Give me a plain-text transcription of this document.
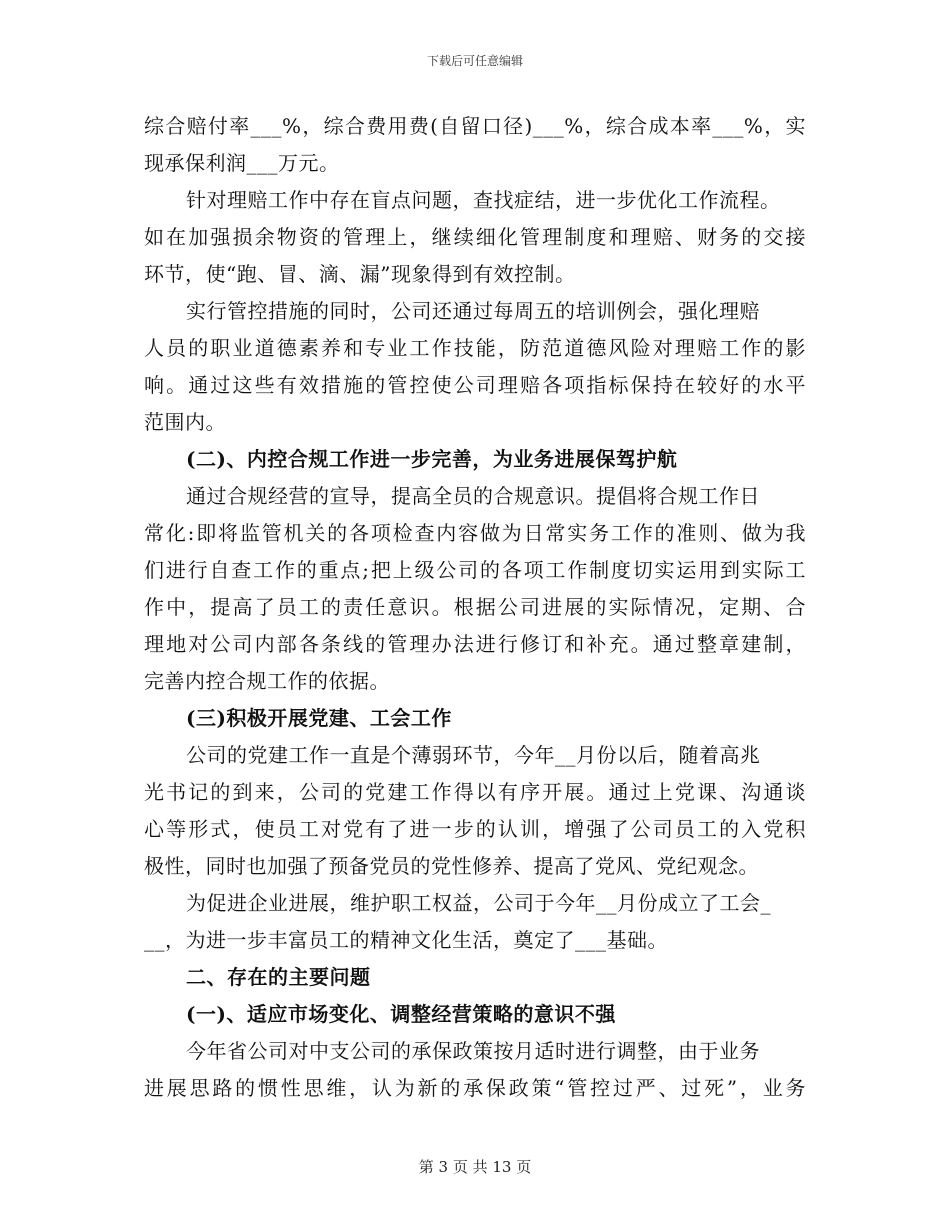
下载后可任意编辑
综合赔付率___%，综合费用费(自留口径)___%，综合成本率___%，实
现承保利润___万元。
针对理赔工作中存在盲点问题，查找症结，进一步优化工作流程。
如在加强损余物资的管理上，继续细化管理制度和理赔、财务的交接
环节，使“跑、冒、滴、漏”现象得到有效控制。
实行管控措施的同时，公司还通过每周五的培训例会，强化理赔
人员的职业道德素养和专业工作技能，防范道德风险对理赔工作的影
响。通过这些有效措施的管控使公司理赔各项指标保持在较好的水平
范围内。
(二)、内控合规工作进一步完善，为业务进展保驾护航
通过合规经营的宣导，提高全员的合规意识。提倡将合规工作日
常化:即将监管机关的各项检查内容做为日常实务工作的准则、做为我
们进行自查工作的重点;把上级公司的各项工作制度切实运用到实际工
作中，提高了员工的责任意识。根据公司进展的实际情况，定期、合
理地对公司内部各条线的管理办法进行修订和补充。通过整章建制，
完善内控合规工作的依据。
(三)积极开展党建、工会工作
公司的党建工作一直是个薄弱环节，今年__月份以后，随着高兆
光书记的到来，公司的党建工作得以有序开展。通过上党课、沟通谈
心等形式，使员工对党有了进一步的认训，增强了公司员工的入党积
极性，同时也加强了预备党员的党性修养、提高了党风、党纪观念。
为促进企业进展，维护职工权益，公司于今年__月份成立了工会_
__，为进一步丰富员工的精神文化生活，奠定了___基础。
二、存在的主要问题
(一)、适应市场变化、调整经营策略的意识不强
今年省公司对中支公司的承保政策按月适时进行调整，由于业务
进展思路的惯性思维，认为新的承保政策“管控过严、过死”，业务
第 3 页 共 13 页
